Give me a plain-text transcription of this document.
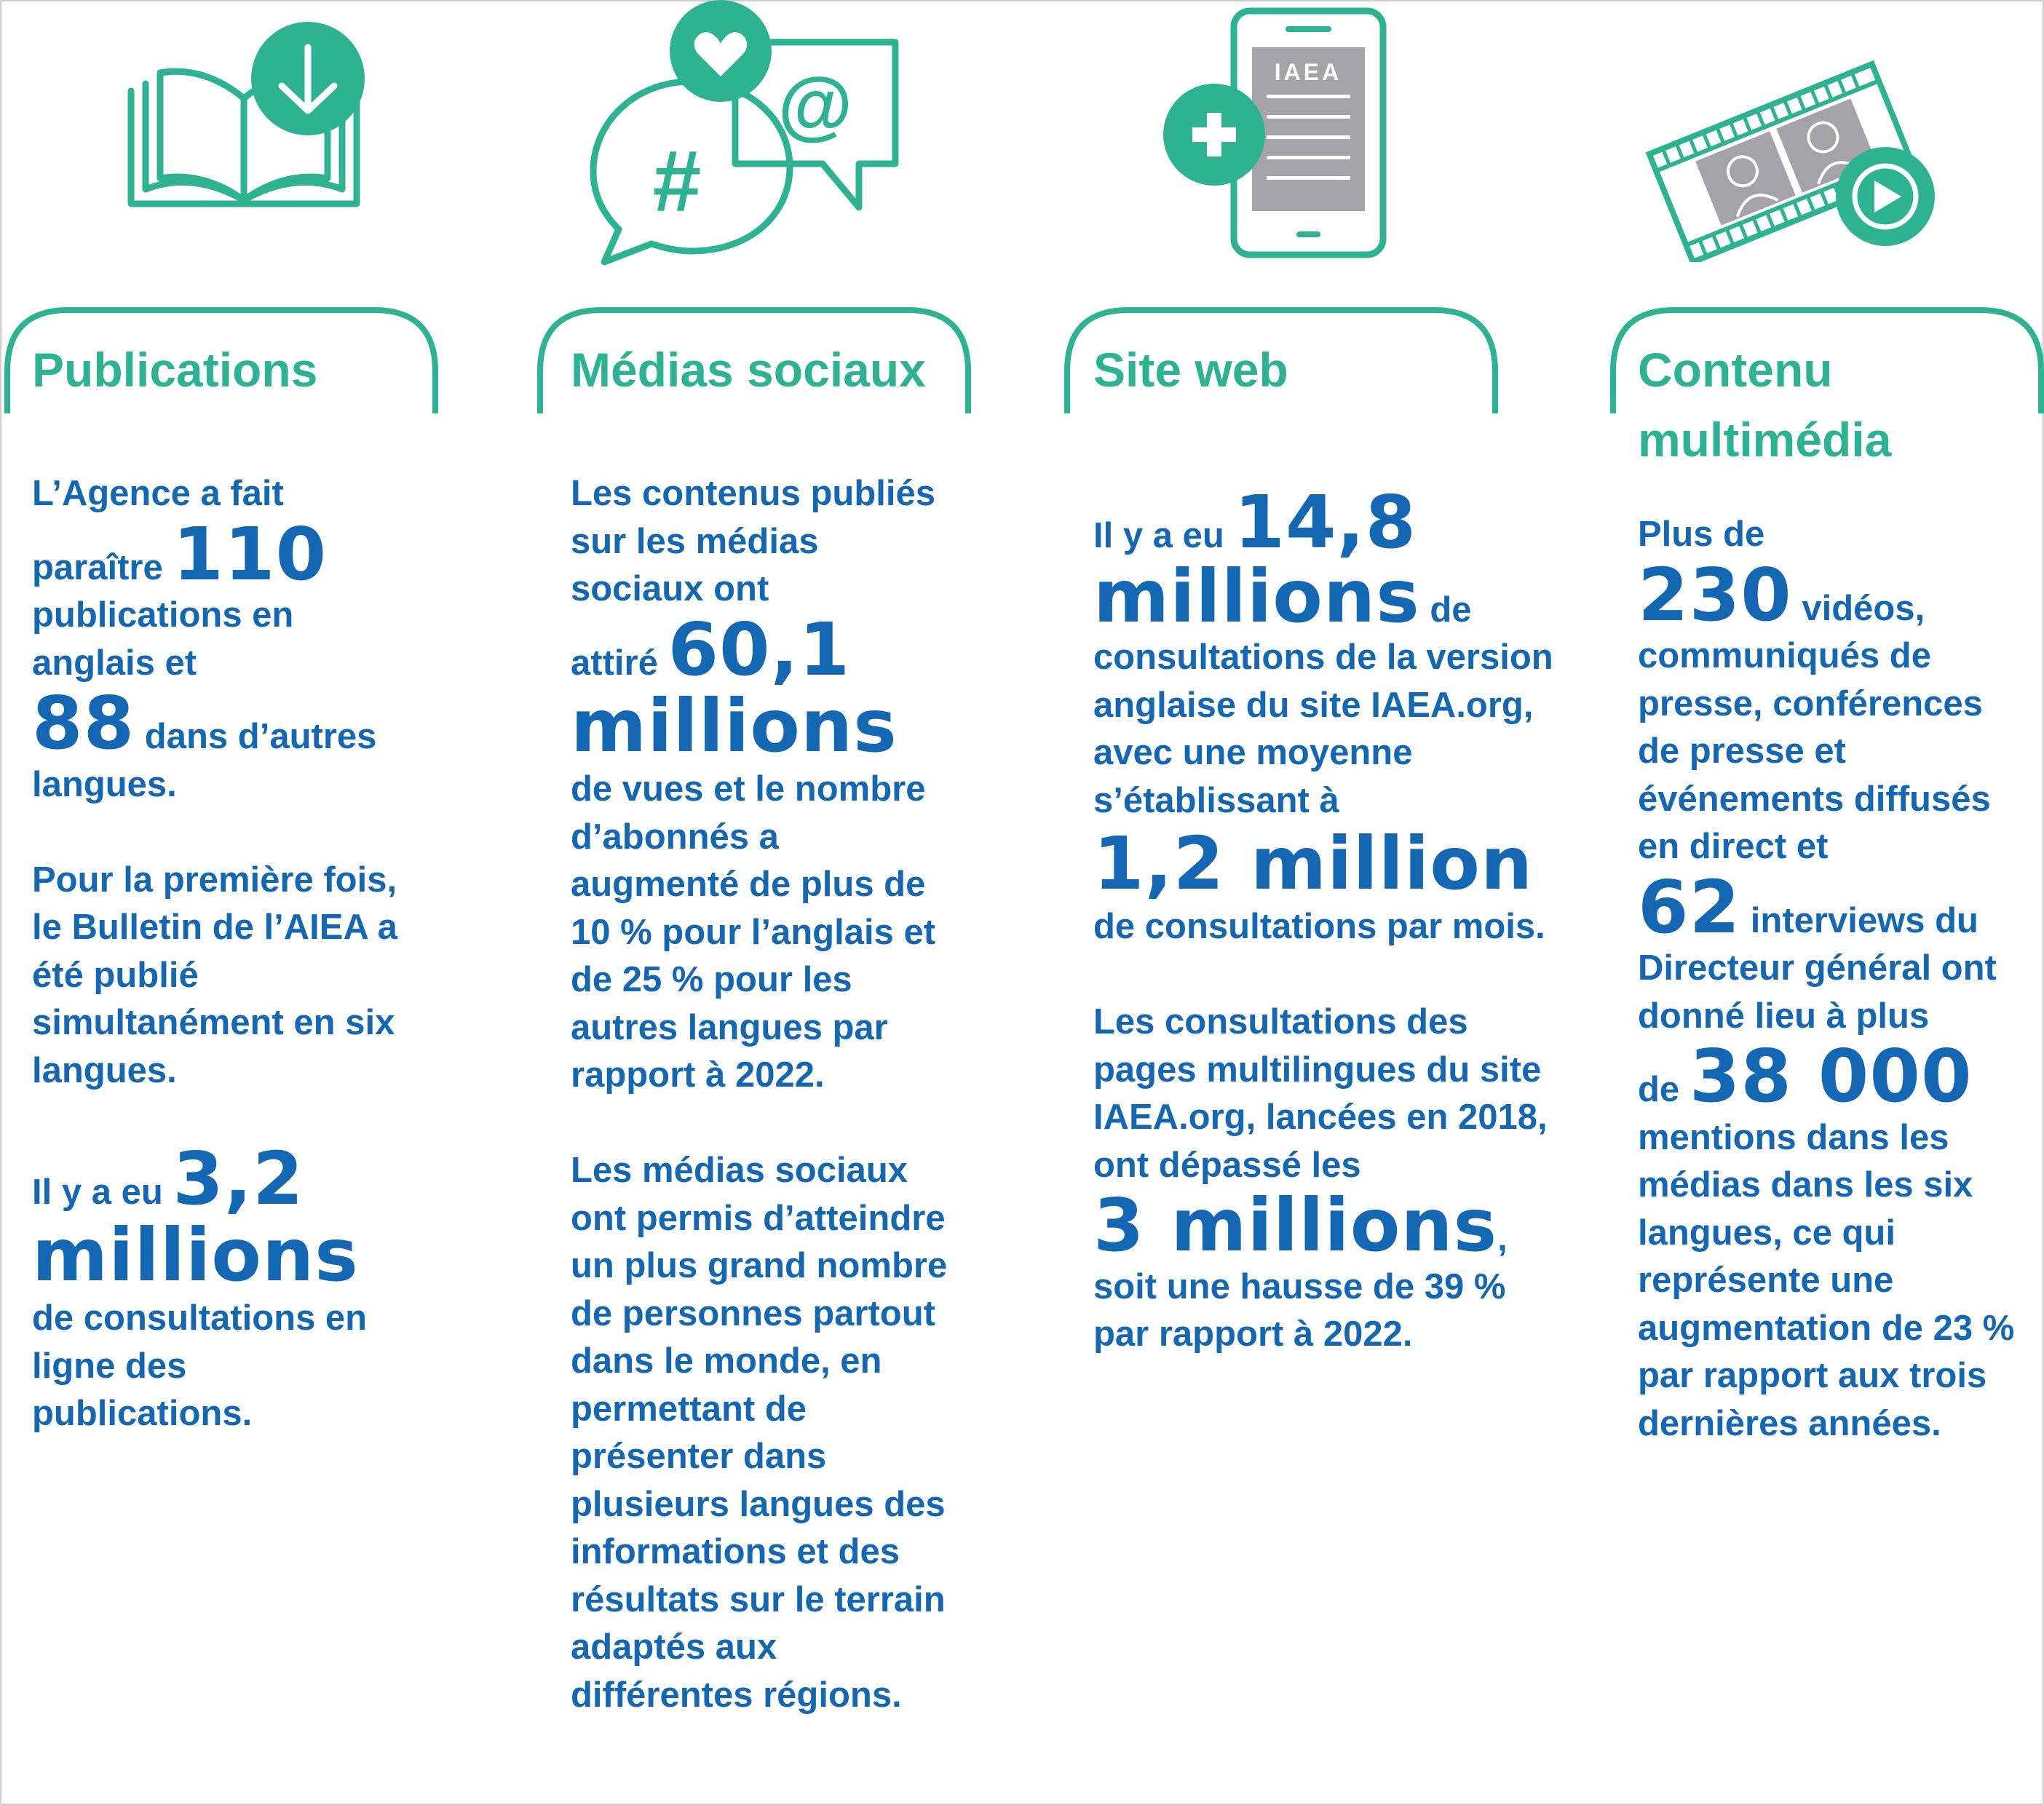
Publications

L’Agence a fait
paraître 110
publications en
anglais et
88 dans d’autres
langues.

Pour la première fois, le Bulletin de l’AIEA a été publié simultanément en six langues.

Il y a eu 3,2

millions
de consultations en ligne des publications.

@
#
Médias sociaux

Les contenus publiés sur les médias sociaux ont
attiré 60,1

millions
de vues et le nombre d’abonnés a augmenté de plus de 10 % pour l’anglais et de 25 % pour les autres langues par rapport à 2022.

Les médias sociaux ont permis d’atteindre un plus grand nombre de personnes partout dans le monde, en permettant de présenter dans plusieurs langues des informations et des résultats sur le terrain adaptés aux différentes régions.

IAEA
Site web

Il y a eu 14,8
millions de
consultations de la version anglaise du site IAEA.org, avec une moyenne s’établissant à

1,2 million
de consultations par mois.

Les consultations des pages multilingues du site IAEA.org, lancées en 2018, ont dépassé les
3 millions,
soit une hausse de 39 % par rapport à 2022.

Contenu
multimédia

Plus de
230 vidéos,
communiqués de presse, conférences de presse et événements diffusés en direct et
62 interviews du
Directeur général ont donné lieu à plus
de 38 000
mentions dans les médias dans les six langues, ce qui représente une augmentation de 23 % par rapport aux trois dernières années.
